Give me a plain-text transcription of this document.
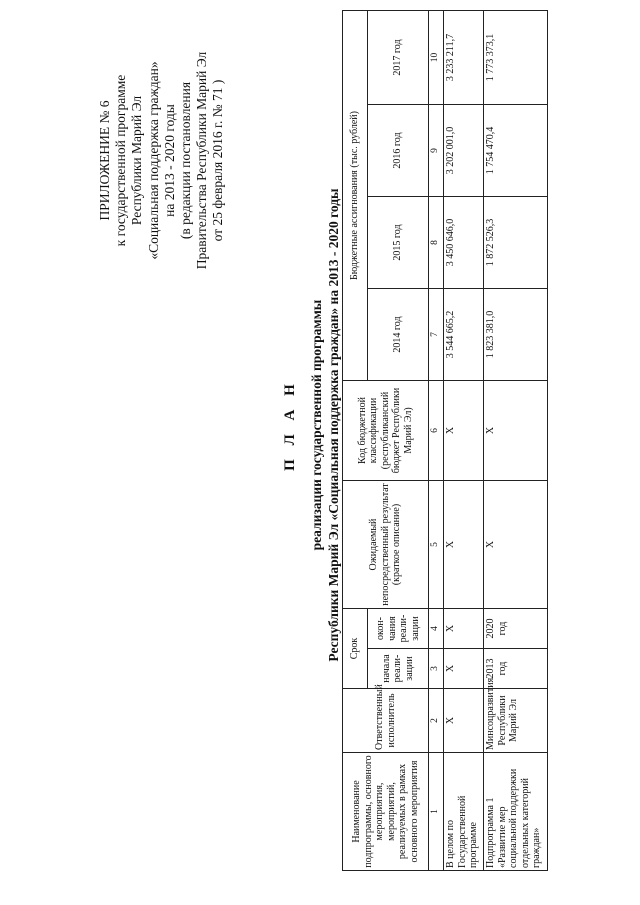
ПРИЛОЖЕНИЕ № 6 к государственной программе Республики Марий Эл «Социальная поддержка граждан» на 2013 - 2020 годы (в редакции постановления Правительства Республики Марий Эл от 25 февраля 2016 г. № 71 )
П Л А Н реализации государственной программы Республики Марий Эл «Социальная поддержка граждан» на 2013 - 2020 годы
Наименование подпрограммы, основного мероприятия, мероприятий, реализуемых в рамках основного мероприятия	Ответственный исполнитель	Срок		Ожидаемый непосредственный результат (краткое описание)	Код бюджетной классификации (республиканский бюджет Республики Марий Эл)	Бюджетные ассигнования (тыс. рублей)			
		начала реали-зации	окон-чания реали-зации			2014 год	2015 год	2016 год	2017 год
1	2	3	4	5	6	7	8	9	10
В целом по Государственной программе	Х	Х	Х	Х	Х	3 544 665,2	3 450 646,0	3 202 001,0	3 233 211,7
Подпрограмма 1 «Развитие мер социальной поддержки отдельных категорий граждан»	Минсоцразвития Республики Марий Эл	2013 год	2020 год	Х	Х	1 823 381,0	1 872 526,3	1 754 470,4	1 773 373,1
